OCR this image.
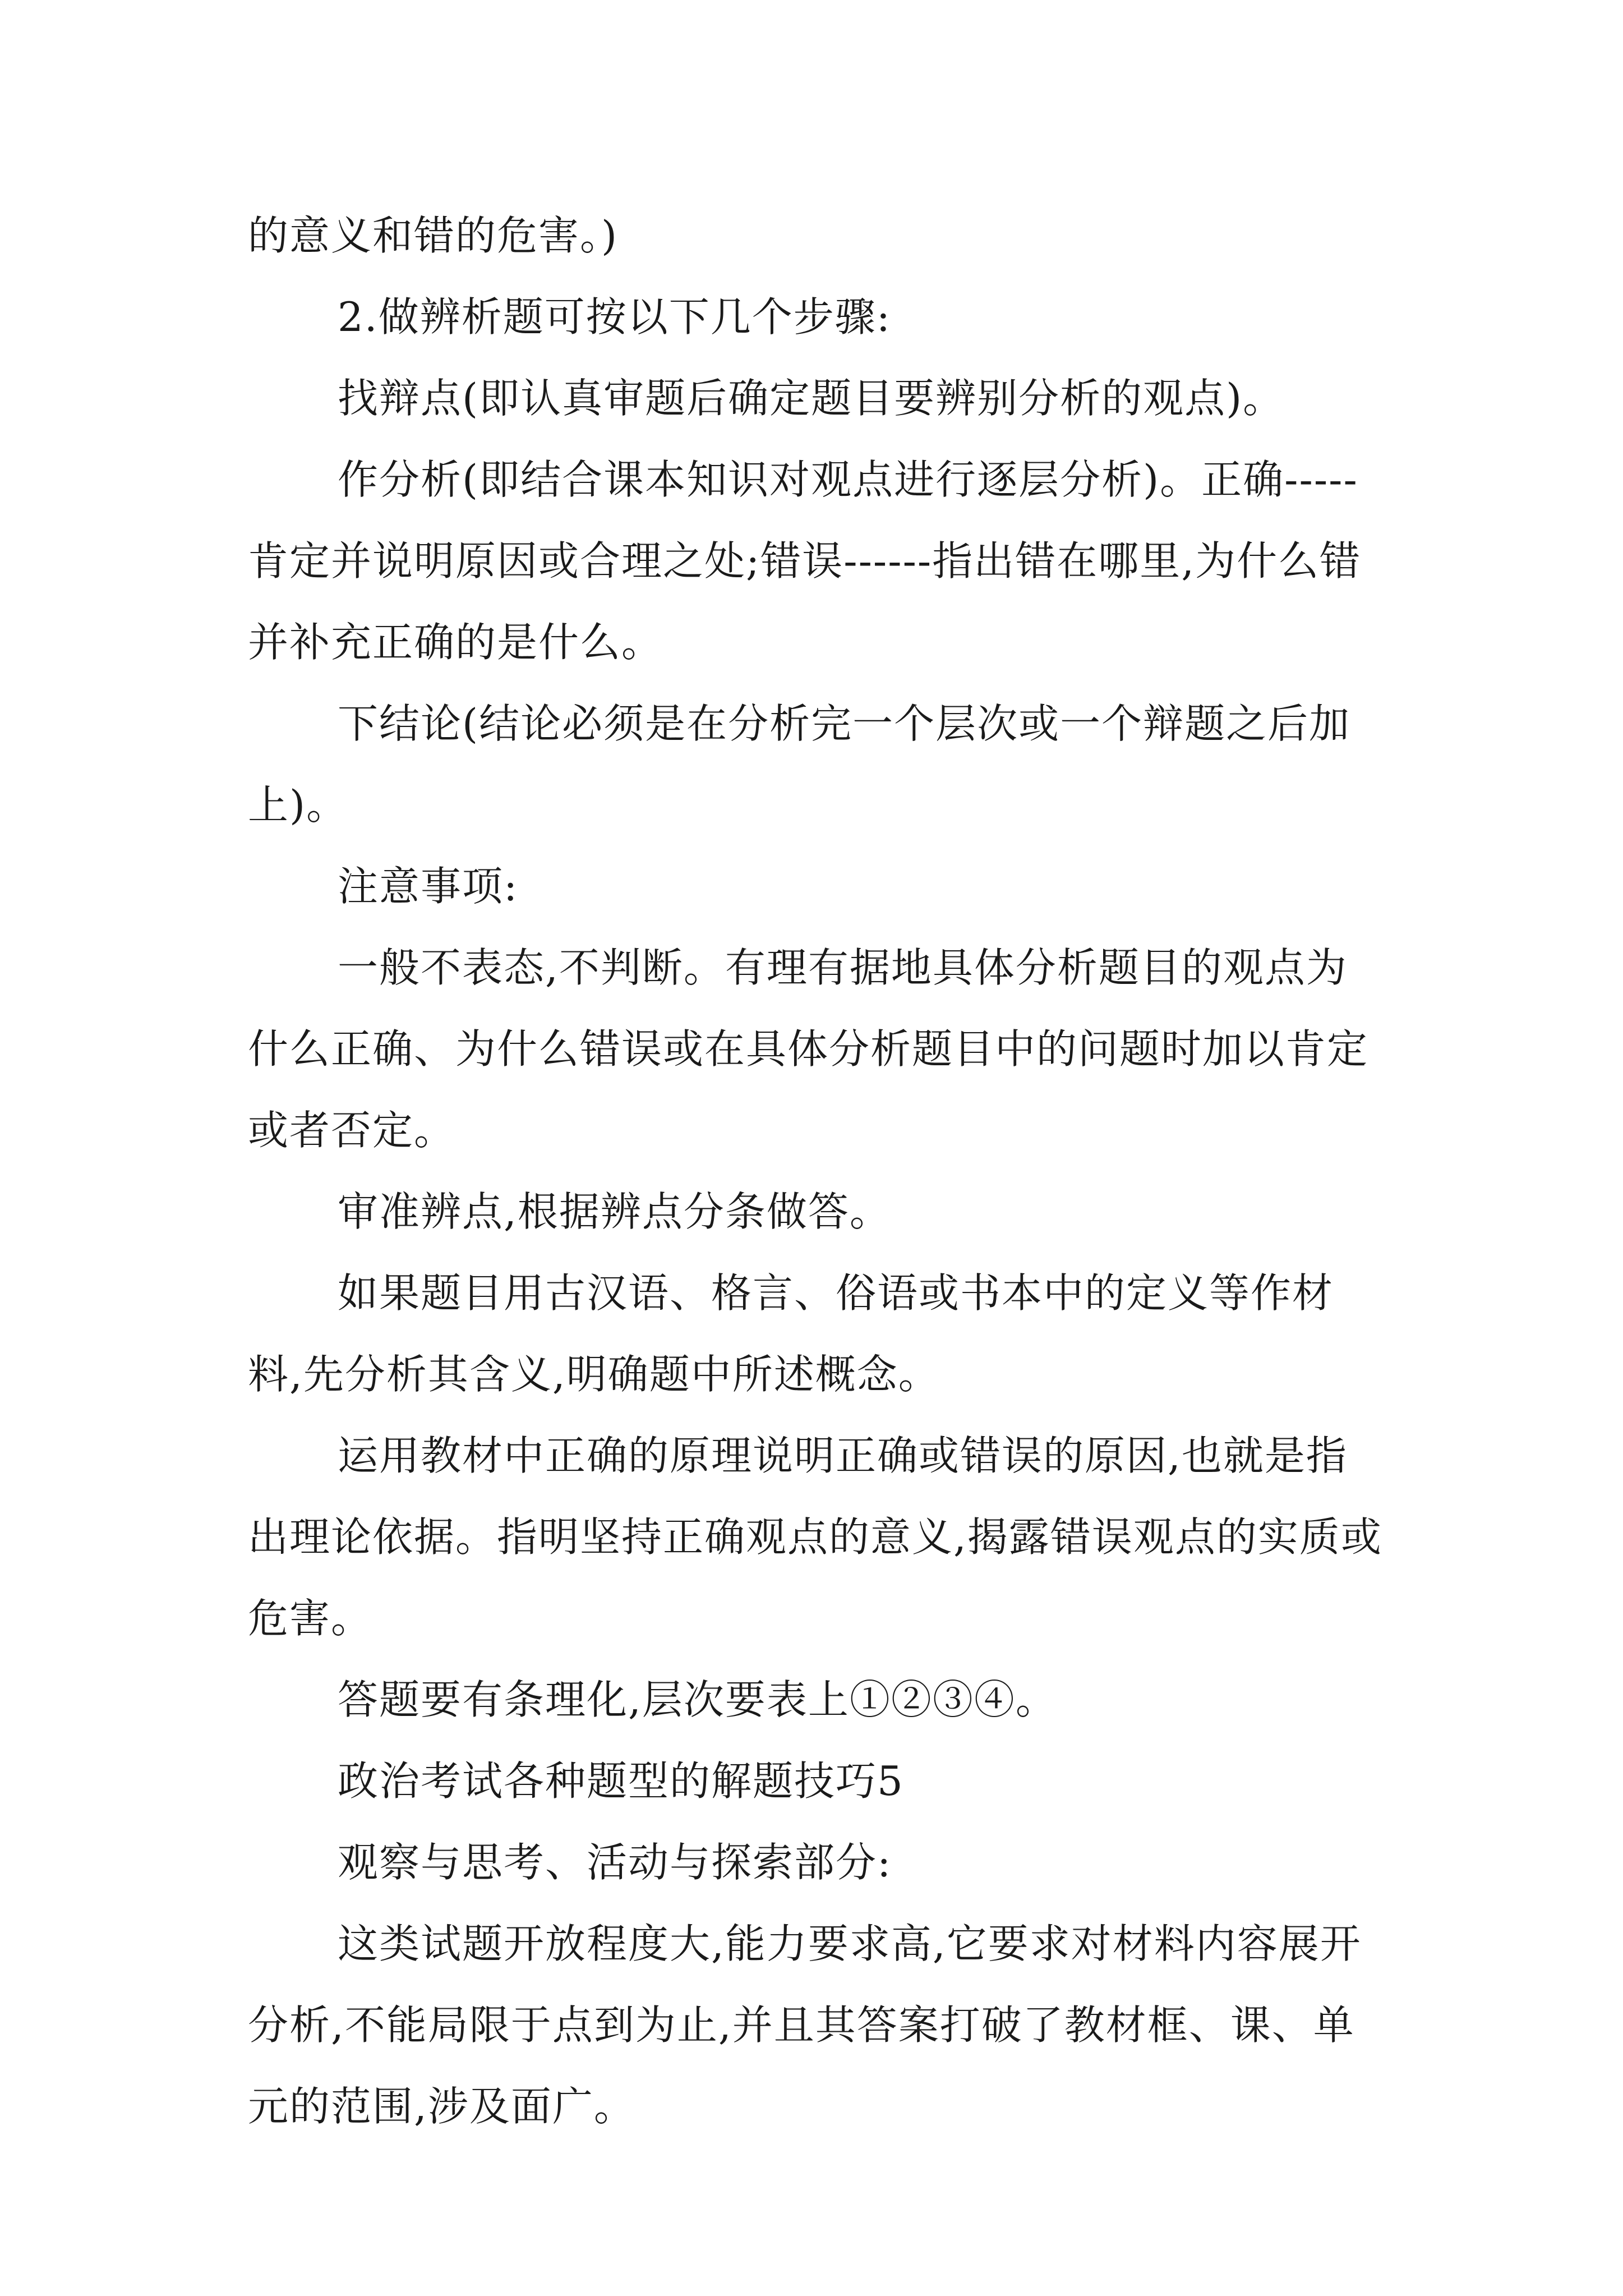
的意义和错的危害。)

2.做辨析题可按以下几个步骤:

找辩点(即认真审题后确定题目要辨别分析的观点)。

作分析(即结合课本知识对观点进行逐层分析)。正确-----肯定并说明原因或合理之处;错误------指出错在哪里,为什么错并补充正确的是什么。

下结论(结论必须是在分析完一个层次或一个辩题之后加上)。

注意事项:

一般不表态,不判断。有理有据地具体分析题目的观点为什么正确、为什么错误或在具体分析题目中的问题时加以肯定或者否定。

审准辨点,根据辨点分条做答。

如果题目用古汉语、格言、俗语或书本中的定义等作材料,先分析其含义,明确题中所述概念。

运用教材中正确的原理说明正确或错误的原因,也就是指出理论依据。指明坚持正确观点的意义,揭露错误观点的实质或危害。

答题要有条理化,层次要表上①②③④。

政治考试各种题型的解题技巧5

观察与思考、活动与探索部分:

这类试题开放程度大,能力要求高,它要求对材料内容展开分析,不能局限于点到为止,并且其答案打破了教材框、课、单元的范围,涉及面广。
